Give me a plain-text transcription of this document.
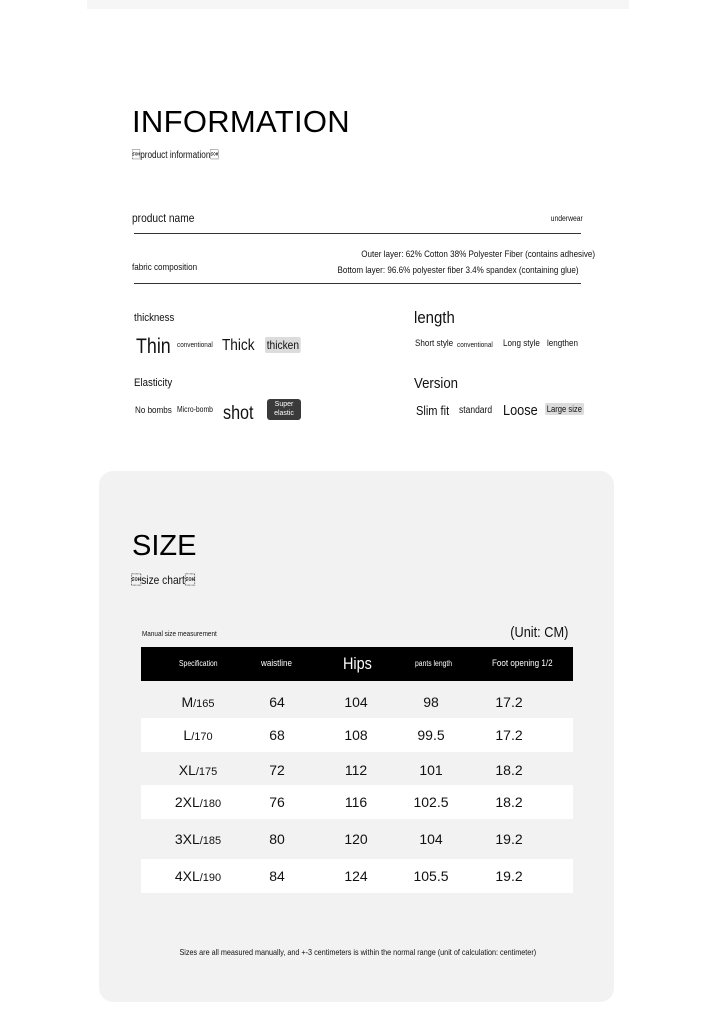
INFORMATION
product information
product name	underwear
Outer layer: 62% Cotton 38% Polyester Fiber (contains adhesive)
fabric composition	Bottom layer: 96.6% polyester fiber 3.4% spandex (containing glue)
thickness
Thin conventional Thick thicken
length
Short style conventional Long style lengthen
Elasticity
No bombs Micro-bomb shot	Super
elastic
Version
Slim fit standard Loose Large size
SIZE
size chart
Manual size measurement	(Unit: CM)
Specification	waistline	Hips	pants length	Foot opening 1/2
M/165	64	104	98	17.2
L/170	68	108	99.5	17.2
XL/175	72	112	101	18.2
2XL/180	76	116	102.5	18.2
3XL/185	80	120	104	19.2
4XL/190	84	124	105.5	19.2
Sizes are all measured manually, and +-3 centimeters is within the normal range (unit of calculation: centimeter)
